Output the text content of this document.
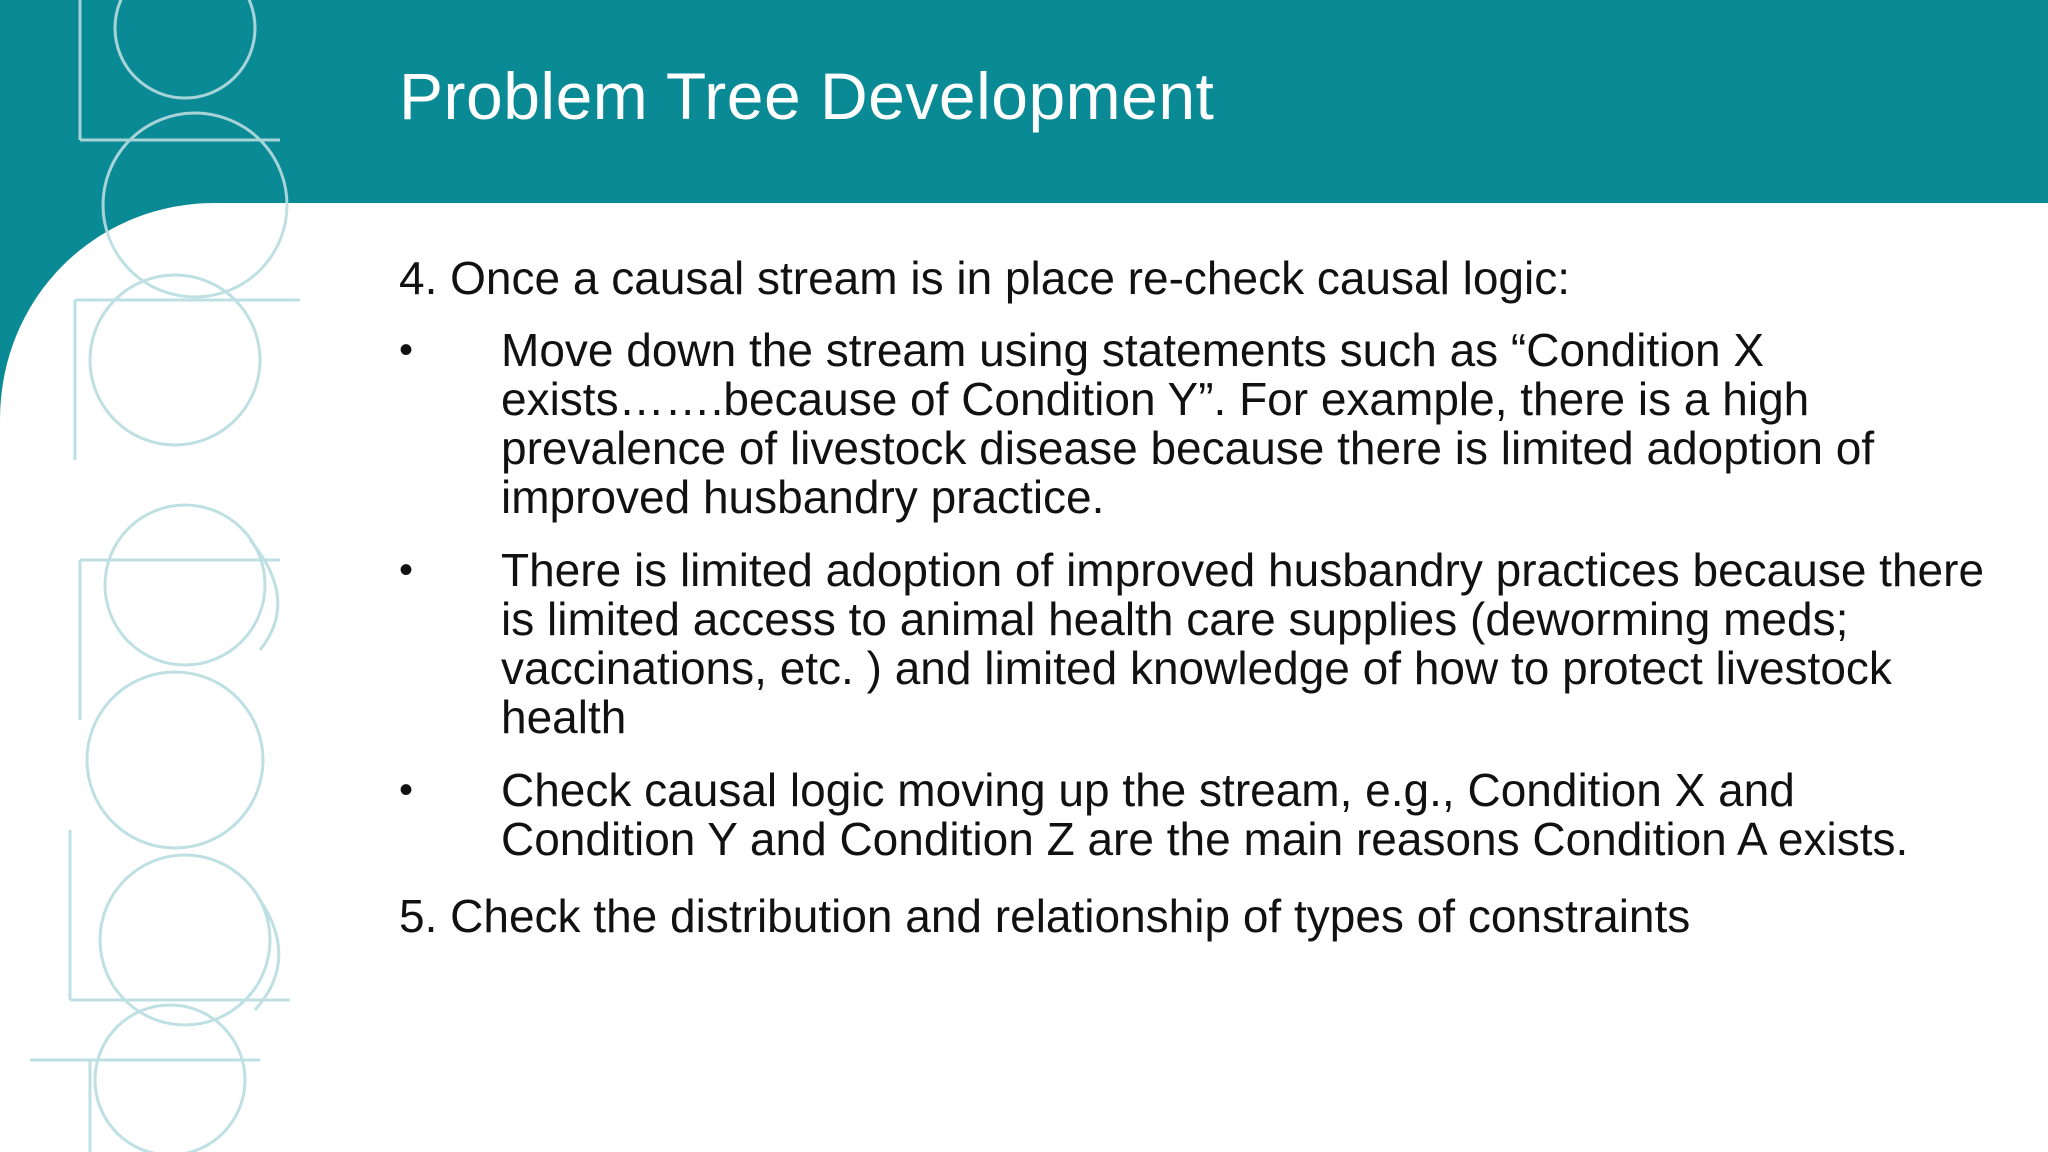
Problem Tree Development

4. Once a causal stream is in place re-check causal logic:

• Move down the stream using statements such as “Condition X exists…….because of Condition Y”. For example, there is a high prevalence of livestock disease because there is limited adoption of improved husbandry practice.
• There is limited adoption of improved husbandry practices because there is limited access to animal health care supplies (deworming meds; vaccinations, etc. ) and limited knowledge of how to protect livestock health
• Check causal logic moving up the stream, e.g., Condition X and Condition Y and Condition Z are the main reasons Condition A exists.

5. Check the distribution and relationship of types of constraints
